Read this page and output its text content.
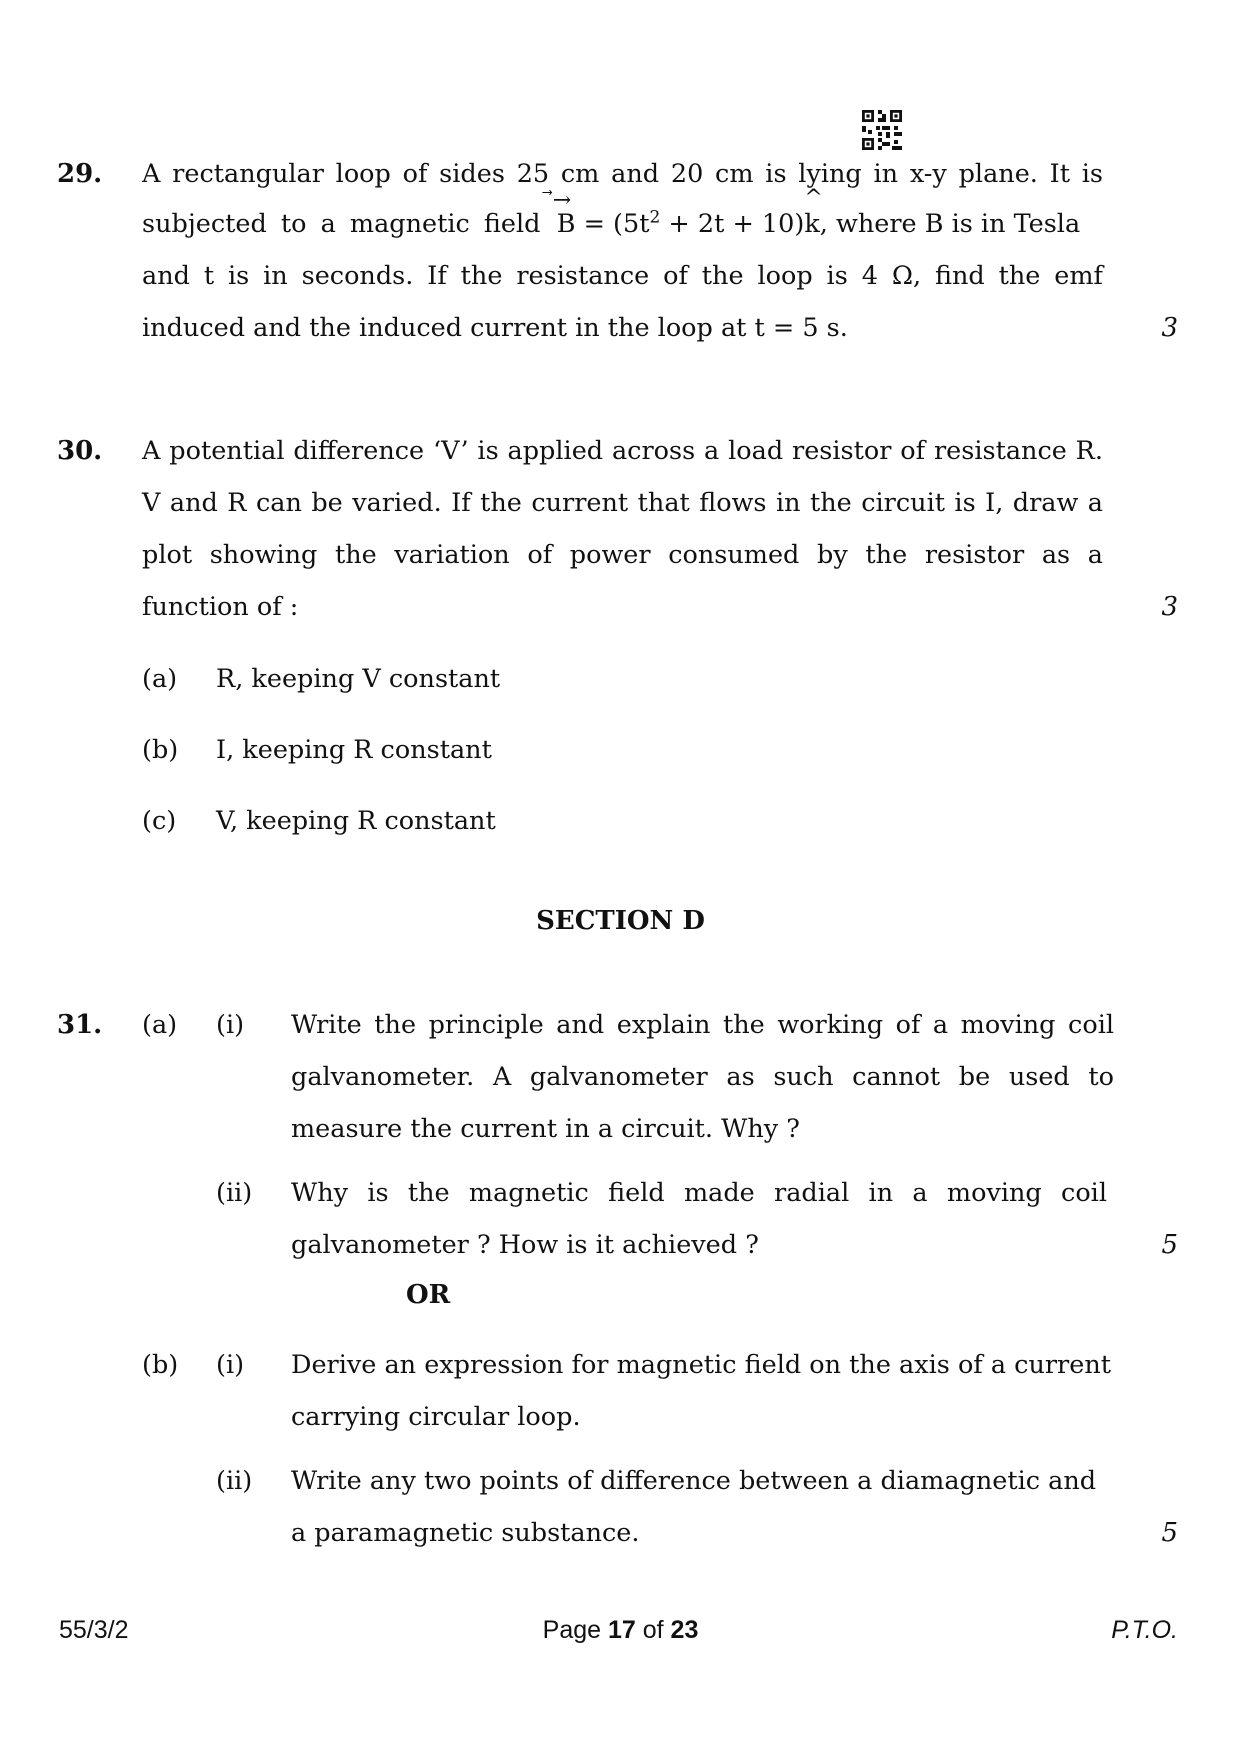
29. A rectangular loop of sides 25 cm and 20 cm is lying in x-y plane. It is
subjected to a magnetic field B
⃗→
= $(5t^2 + 2t + 10)k$
^
, where B is in Tesla
and t is in seconds. If the resistance of the loop is 4 Ω, find the emf
induced and the induced current in the loop at t = 5 s.	3
30. A potential difference ‘V’ is applied across a load resistor of resistance R.
V and R can be varied. If the current that flows in the circuit is I, draw a
plot showing the variation of power consumed by the resistor as a
function of :	3
(a) R, keeping V constant
(b) I, keeping R constant
(c) V, keeping R constant
SECTION D
31. (a) (i) Write the principle and explain the working of a moving coil
galvanometer. A galvanometer as such cannot be used to
measure the current in a circuit. Why ?
(ii) Why is the magnetic field made radial in a moving coil
galvanometer ? How is it achieved ?	5
OR
(b) (i) Derive an expression for magnetic field on the axis of a current
carrying circular loop.
(ii) Write any two points of difference between a diamagnetic and
a paramagnetic substance.	5
55/3/2	Page 17 of 23	P.T.O.
